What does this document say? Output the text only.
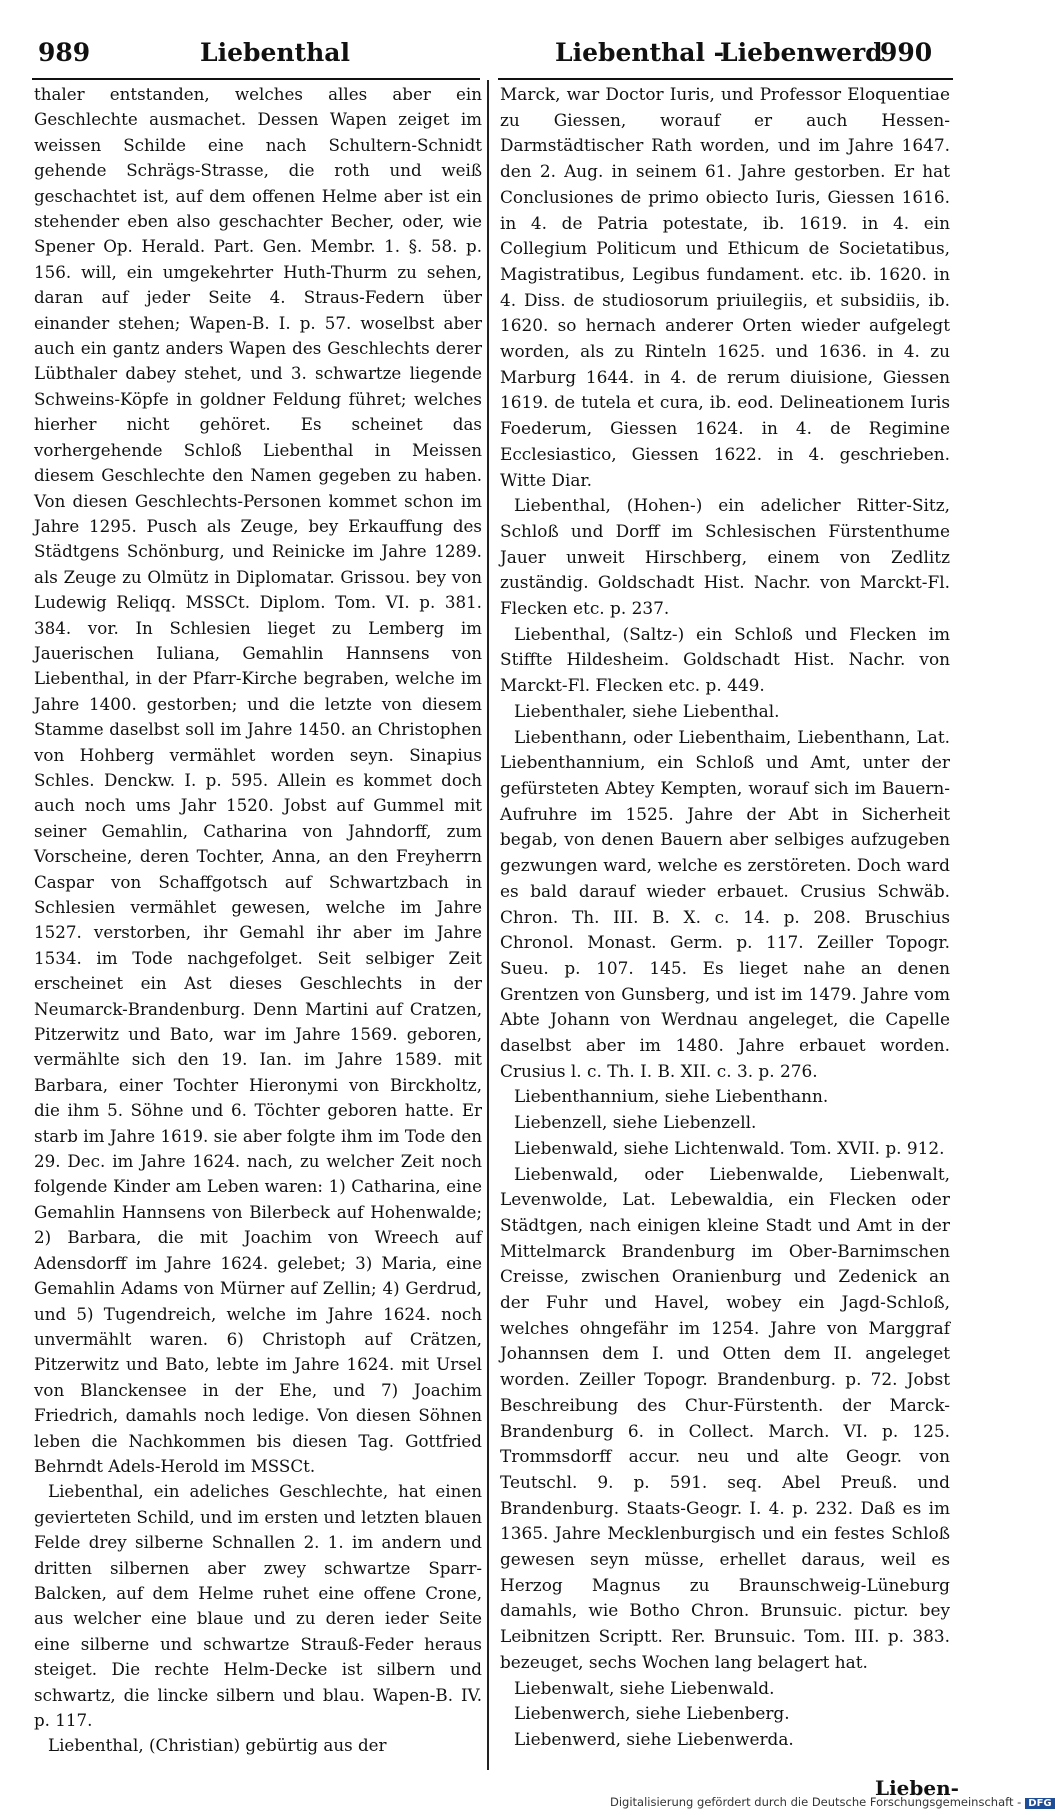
989	Liebenthal	Liebenthal -
Liebenwerd
990

thaler entstanden, welches alles aber ein Geschlechte ausmachet. Dessen Wapen zeiget im weissen Schilde eine nach Schultern-Schnidt gehende Schrägs-Strasse, die roth und weiß geschachtet ist, auf dem offenen Helme aber ist ein stehender eben also geschachter Becher, oder, wie Spener Op. Herald. Part. Gen. Membr. 1. §. 58. p. 156. will, ein umgekehrter Huth-Thurm zu sehen, daran auf jeder Seite 4. Straus-Federn über einander stehen; Wapen-B. I. p. 57. woselbst aber auch ein gantz anders Wapen des Geschlechts derer Lübthaler dabey stehet, und 3. schwartze liegende Schweins-Köpfe in goldner Feldung führet; welches hierher nicht gehöret. Es scheinet das vorhergehende Schloß Liebenthal in Meissen diesem Geschlechte den Namen gegeben zu haben. Von diesen Geschlechts-Personen kommet schon im Jahre 1295. Pusch als Zeuge, bey Erkauffung des Städtgens Schönburg, und Reinicke im Jahre 1289. als Zeuge zu Olmütz in Diplomatar. Grissou. bey von Ludewig Reliqq. MSSCt. Diplom. Tom. VI. p. 381. 384. vor. In Schlesien lieget zu Lemberg im Jauerischen Iuliana, Gemahlin Hannsens von Liebenthal, in der Pfarr-Kirche begraben, welche im Jahre 1400. gestorben; und die letzte von diesem Stamme daselbst soll im Jahre 1450. an Christophen von Hohberg vermählet worden seyn. Sinapius Schles. Denckw. I. p. 595. Allein es kommet doch auch noch ums Jahr 1520. Jobst auf Gummel mit seiner Gemahlin, Catharina von Jahndorff, zum Vorscheine, deren Tochter, Anna, an den Freyherrn Caspar von Schaffgotsch auf Schwartzbach in Schlesien vermählet gewesen, welche im Jahre 1527. verstorben, ihr Gemahl ihr aber im Jahre 1534. im Tode nachgefolget. Seit selbiger Zeit erscheinet ein Ast dieses Geschlechts in der Neumarck-Brandenburg. Denn Martini auf Cratzen, Pitzerwitz und Bato, war im Jahre 1569. geboren, vermählte sich den 19. Ian. im Jahre 1589. mit Barbara, einer Tochter Hieronymi von Birckholtz, die ihm 5. Söhne und 6. Töchter geboren hatte. Er starb im Jahre 1619. sie aber folgte ihm im Tode den 29. Dec. im Jahre 1624. nach, zu welcher Zeit noch folgende Kinder am Leben waren: 1) Catharina, eine Gemahlin Hannsens von Bilerbeck auf Hohenwalde; 2) Barbara, die mit Joachim von Wreech auf Adensdorff im Jahre 1624. gelebet; 3) Maria, eine Gemahlin Adams von Mürner auf Zellin; 4) Gerdrud, und 5) Tugendreich, welche im Jahre 1624. noch unvermählt waren. 6) Christoph auf Crätzen, Pitzerwitz und Bato, lebte im Jahre 1624. mit Ursel von Blanckensee in der Ehe, und 7) Joachim Friedrich, damahls noch ledige. Von diesen Söhnen leben die Nachkommen bis diesen Tag. Gottfried Behrndt Adels-Herold im MSSCt.

Liebenthal, ein adeliches Geschlechte, hat einen gevierteten Schild, und im ersten und letzten blauen Felde drey silberne Schnallen 2. 1. im andern und dritten silbernen aber zwey schwartze Sparr-Balcken, auf dem Helme ruhet eine offene Crone, aus welcher eine blaue und zu deren ieder Seite eine silberne und schwartze Strauß-Feder heraus steiget. Die rechte Helm-Decke ist silbern und schwartz, die lincke silbern und blau. Wapen-B. IV. p. 117.

Liebenthal, (Christian) gebürtig aus der

Marck, war Doctor Iuris, und Professor Eloquentiae zu Giessen, worauf er auch Hessen-Darmstädtischer Rath worden, und im Jahre 1647. den 2. Aug. in seinem 61. Jahre gestorben. Er hat Conclusiones de primo obiecto Iuris, Giessen 1616. in 4. de Patria potestate, ib. 1619. in 4. ein Collegium Politicum und Ethicum de Societatibus, Magistratibus, Legibus fundament. etc. ib. 1620. in 4. Diss. de studiosorum priuilegiis, et subsidiis, ib. 1620. so hernach anderer Orten wieder aufgelegt worden, als zu Rinteln 1625. und 1636. in 4. zu Marburg 1644. in 4. de rerum diuisione, Giessen 1619. de tutela et cura, ib. eod. Delineationem Iuris Foederum, Giessen 1624. in 4. de Regimine Ecclesiastico, Giessen 1622. in 4. geschrieben. Witte Diar.

Liebenthal, (Hohen-) ein adelicher Ritter-Sitz, Schloß und Dorff im Schlesischen Fürstenthume Jauer unweit Hirschberg, einem von Zedlitz zuständig. Goldschadt Hist. Nachr. von Marckt-Fl. Flecken etc. p. 237.

Liebenthal, (Saltz-) ein Schloß und Flecken im Stiffte Hildesheim. Goldschadt Hist. Nachr. von Marckt-Fl. Flecken etc. p. 449.

Liebenthaler, siehe Liebenthal.

Liebenthann, oder Liebenthaim, Liebenthann, Lat. Liebenthannium, ein Schloß und Amt, unter der gefürsteten Abtey Kempten, worauf sich im Bauern-Aufruhre im 1525. Jahre der Abt in Sicherheit begab, von denen Bauern aber selbiges aufzugeben gezwungen ward, welche es zerstöreten. Doch ward es bald darauf wieder erbauet. Crusius Schwäb. Chron. Th. III. B. X. c. 14. p. 208. Bruschius Chronol. Monast. Germ. p. 117. Zeiller Topogr. Sueu. p. 107. 145. Es lieget nahe an denen Grentzen von Gunsberg, und ist im 1479. Jahre vom Abte Johann von Werdnau angeleget, die Capelle daselbst aber im 1480. Jahre erbauet worden. Crusius l. c. Th. I. B. XII. c. 3. p. 276.

Liebenthannium, siehe Liebenthann.

Liebenzell, siehe Liebenzell.

Liebenwald, siehe Lichtenwald. Tom. XVII. p. 912.

Liebenwald, oder Liebenwalde, Liebenwalt, Levenwolde, Lat. Lebewaldia, ein Flecken oder Städtgen, nach einigen kleine Stadt und Amt in der Mittelmarck Brandenburg im Ober-Barnimschen Creisse, zwischen Oranienburg und Zedenick an der Fuhr und Havel, wobey ein Jagd-Schloß, welches ohngefähr im 1254. Jahre von Marggraf Johannsen dem I. und Otten dem II. angeleget worden. Zeiller Topogr. Brandenburg. p. 72. Jobst Beschreibung des Chur-Fürstenth. der Marck-Brandenburg 6. in Collect. March. VI. p. 125. Trommsdorff accur. neu und alte Geogr. von Teutschl. 9. p. 591. seq. Abel Preuß. und Brandenburg. Staats-Geogr. I. 4. p. 232. Daß es im 1365. Jahre Mecklenburgisch und ein festes Schloß gewesen seyn müsse, erhellet daraus, weil es Herzog Magnus zu Braunschweig-Lüneburg damahls, wie Botho Chron. Brunsuic. pictur. bey Leibnitzen Scriptt. Rer. Brunsuic. Tom. III. p. 383. bezeuget, sechs Wochen lang belagert hat.

Liebenwalt, siehe Liebenwald.

Liebenwerch, siehe Liebenberg.

Liebenwerd, siehe Liebenwerda.

Lieben-
Digitalisierung gefördert durch die Deutsche Forschungsgemeinschaft - DFG
